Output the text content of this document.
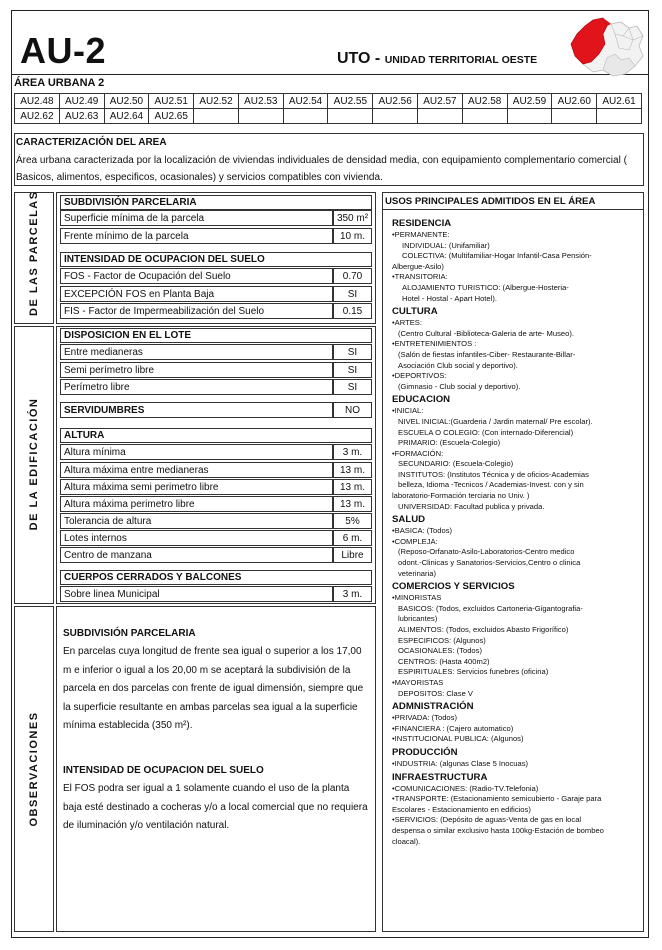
AU-2	UTO - UNIDAD TERRITORIAL OESTE
ÁREA URBANA 2
AU2.48	AU2.49	AU2.50	AU2.51	AU2.52	AU2.53	AU2.54	AU2.55	AU2.56	AU2.57	AU2.58	AU2.59	AU2.60	AU2.61
AU2.62	AU2.63	AU2.64	AU2.65										
CARACTERIZACIÓN DEL AREA
Área urbana caracterizada por la localización de viviendas individuales de densidad media, con equipamiento complementario comercial ( Basicos, alimentos, especificos, ocasionales) y servicios compatibles con vivienda.
DE LAS PARCELAS
DE LA EDIFICACIÓN
OBSERVACIONES
SUBDIVISIÓN PARCELARIA
Superficie mínima de la parcela	350 m²
Frente mínimo de la parcela	10 m.
INTENSIDAD DE OCUPACION DEL SUELO
FOS - Factor de Ocupación del Suelo	0.70
EXCEPCIÓN FOS en Planta Baja	SI
FIS - Factor de Impermeabilización del Suelo	0.15
DISPOSICION EN EL LOTE
Entre medianeras	SI
Semi perímetro libre	SI
Perímetro libre	SI
SERVIDUMBRES	NO
ALTURA
Altura mínima	3 m.
Altura máxima entre medianeras	13 m.
Altura máxima semi perimetro libre	13 m.
Altura máxima perimetro libre	13 m.
Tolerancia de altura	5%
Lotes internos	6 m.
Centro de manzana	Libre
CUERPOS CERRADOS Y BALCONES
Sobre linea Municipal	3 m.
SUBDIVISIÓN PARCELARIA
En parcelas cuya longitud de frente sea igual o superior a los 17,00 m e inferior o igual a los 20,00 m se aceptará la subdivisión de la parcela en dos parcelas con frente de igual dimensión, siempre que la superficie resultante en ambas parcelas sea igual a la superficie mínima establecida (350 m²).
INTENSIDAD DE OCUPACION DEL SUELO
El FOS podra ser igual a 1 solamente cuando el uso de la planta baja esté destinado a cocheras y/o a local comercial que no requiera de iluminación y/o ventilación natural.
USOS PRINCIPALES ADMITIDOS EN EL ÁREA
RESIDENCIA
•PERMANENTE:
INDIVIDUAL: (Unifamiliar)
COLECTIVA: (Multifamiliar-Hogar Infantil-Casa Pensión-
Albergue-Asilo)
•TRANSITORIA:
ALOJAMIENTO TURISTICO: (Albergue-Hosteria-
Hotel - Hostal - Apart Hotel).
CULTURA
•ARTES:
(Centro Cultural -Biblioteca-Galeria de arte- Museo).
•ENTRETENIMIENTOS :
(Salón de fiestas infantiles-Ciber- Restaurante-Billar-
Asociación Club social y deportivo).
•DEPORTIVOS:
(Gimnasio - Club social y deportivo).
EDUCACION
•INICIAL:
NIVEL INICIAL:(Guarderia / Jardin maternal/ Pre escolar).
ESCUELA O COLEGIO: (Con internado-Diferencial)
PRIMARIO: (Escuela-Colegio)
•FORMACIÓN:
SECUNDARIO: (Escuela-Colegio)
INSTITUTOS: (Institutos Técnica y de oficios-Academias
belleza, Idioma -Tecnicos / Academias-Invest. con y sin
laboratorio-Formación terciaria no Univ. )
UNIVERSIDAD: Facultad publica y privada.
SALUD
•BASICA: (Todos)
•COMPLEJA:
(Reposo-Orfanato-Asilo-Laboratorios-Centro medico
odont.-Clinicas y Sanatorios-Servicios,Centro o clinica
veterinaria)
COMERCIOS Y SERVICIOS
•MINORISTAS
BASICOS: (Todos, excluidos Cartoneria-Gigantografia-
lubricantes)
ALIMENTOS: (Todos, excluidos Abasto Frigorífico)
ESPECIFICOS: (Algunos)
OCASIONALES: (Todos)
CENTROS: (Hasta 400m2)
ESPIRITUALES: Servicios funebres (oficina)
•MAYORISTAS
DEPOSITOS: Clase V
ADMNISTRACIÓN
•PRIVADA: (Todos)
•FINANCIERA : (Cajero automatico)
•INSTITUCIONAL PUBLICA: (Algunos)
PRODUCCIÓN
•INDUSTRIA: (algunas Clase 5 Inocuas)
INFRAESTRUCTURA
•COMUNICACIONES: (Radio-TV.Telefonia)
•TRANSPORTE: (Estacionamiento semicubierto - Garaje para
Escolares - Estacionamiento en edificios)
•SERVICIOS: (Depósito de aguas-Venta de gas en local
despensa o similar exclusivo hasta 100kg-Estación de bombeo
cloacal).
